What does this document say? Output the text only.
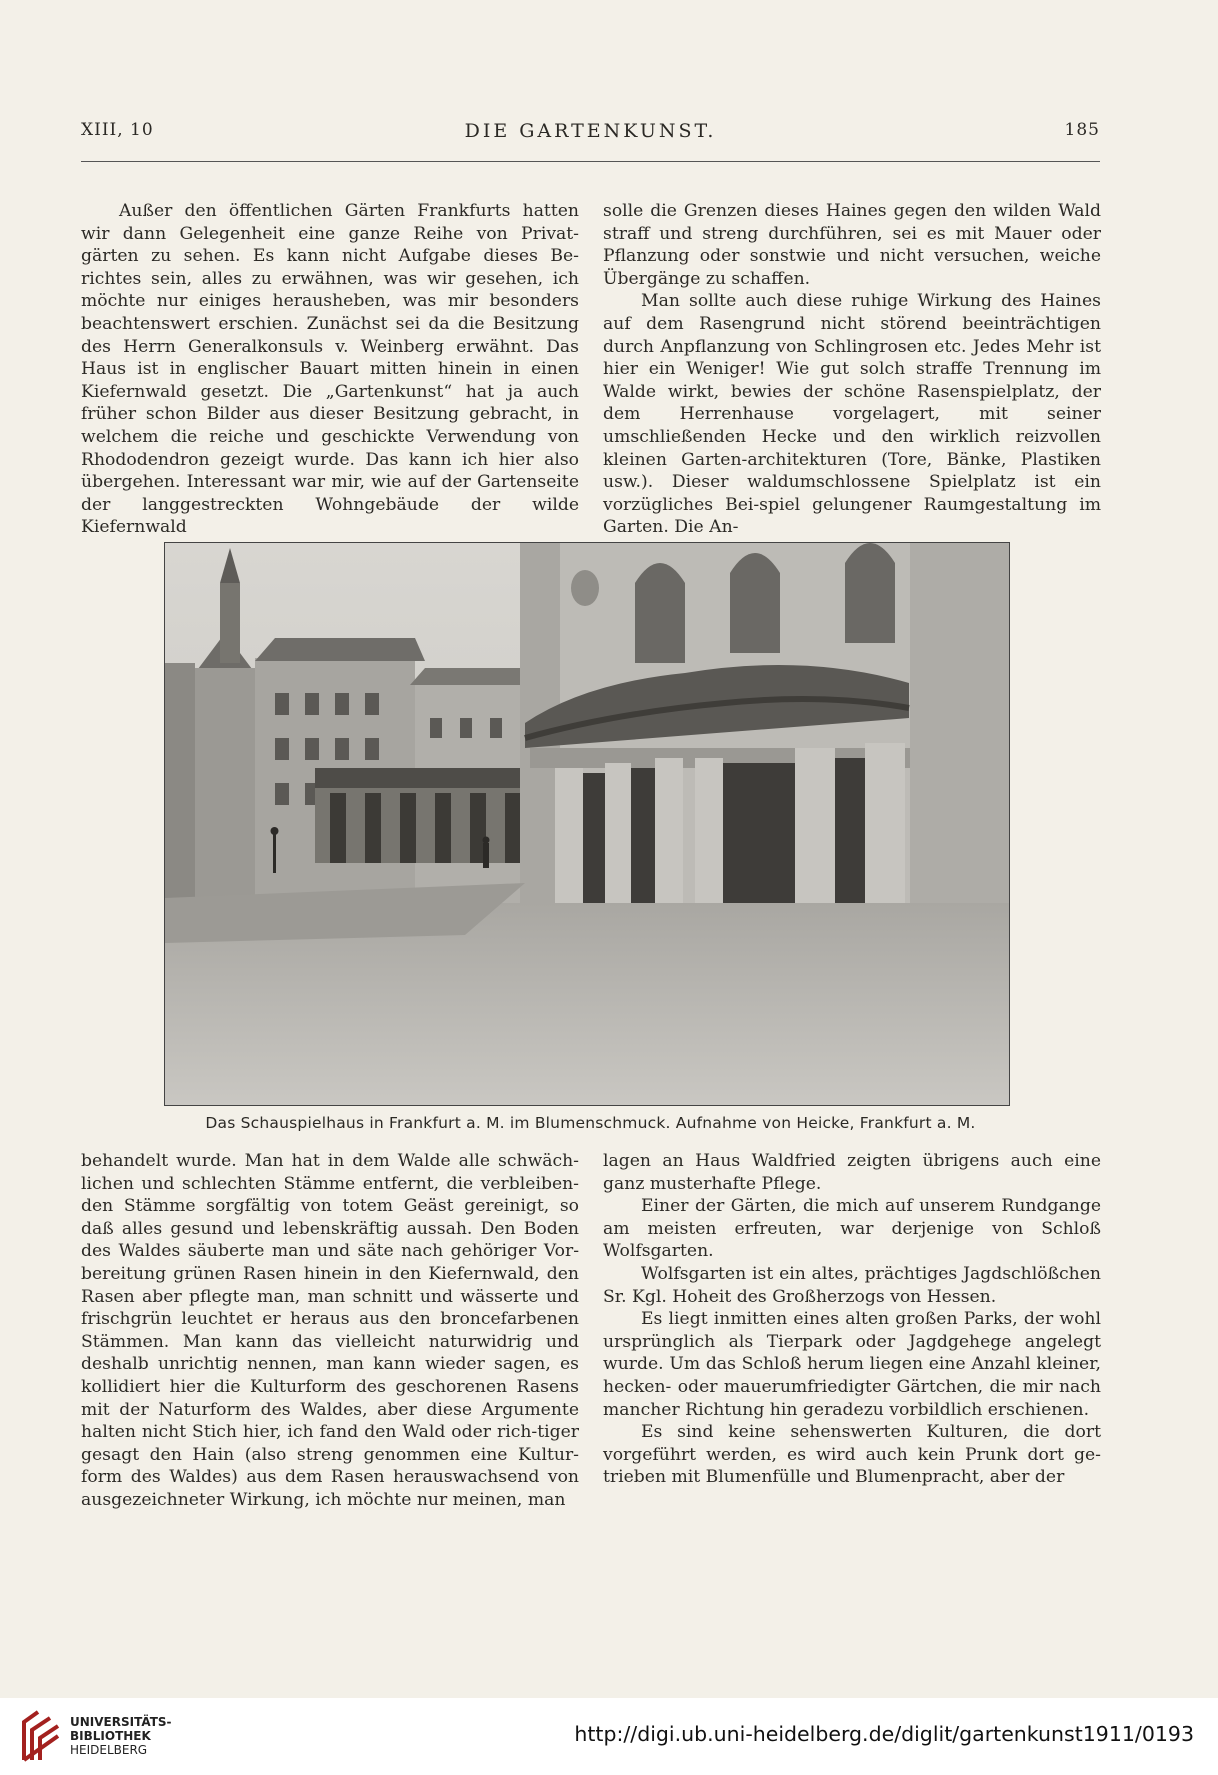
XIII, 10	DIE GARTENKUNST.	185

Außer den öffentlichen Gärten Frankfurts hatten wir dann Gelegenheit eine ganze Reihe von Privat-gärten zu sehen. Es kann nicht Aufgabe dieses Be-richtes sein, alles zu erwähnen, was wir gesehen, ich möchte nur einiges herausheben, was mir besonders beachtenswert erschien. Zunächst sei da die Besitzung des Herrn Generalkonsuls v. Weinberg erwähnt. Das Haus ist in englischer Bauart mitten hinein in einen Kiefernwald gesetzt. Die „Gartenkunst“ hat ja auch früher schon Bilder aus dieser Besitzung gebracht, in welchem die reiche und geschickte Verwendung von Rhododendron gezeigt wurde. Das kann ich hier also übergehen. Interessant war mir, wie auf der Gartenseite der langgestreckten Wohngebäude der wilde Kiefernwald

solle die Grenzen dieses Haines gegen den wilden Wald straff und streng durchführen, sei es mit Mauer oder Pflanzung oder sonstwie und nicht versuchen, weiche Übergänge zu schaffen.

Man sollte auch diese ruhige Wirkung des Haines auf dem Rasengrund nicht störend beeinträchtigen durch Anpflanzung von Schlingrosen etc. Jedes Mehr ist hier ein Weniger! Wie gut solch straffe Trennung im Walde wirkt, bewies der schöne Rasenspielplatz, der dem Herrenhause vorgelagert, mit seiner umschließenden Hecke und den wirklich reizvollen kleinen Garten-architekturen (Tore, Bänke, Plastiken usw.). Dieser waldumschlossene Spielplatz ist ein vorzügliches Bei-spiel gelungener Raumgestaltung im Garten. Die An-

Das Schauspielhaus in Frankfurt a. M. im Blumenschmuck. Aufnahme von Heicke, Frankfurt a. M.

behandelt wurde. Man hat in dem Walde alle schwäch-lichen und schlechten Stämme entfernt, die verbleiben-den Stämme sorgfältig von totem Geäst gereinigt, so daß alles gesund und lebenskräftig aussah. Den Boden des Waldes säuberte man und säte nach gehöriger Vor-bereitung grünen Rasen hinein in den Kiefernwald, den Rasen aber pflegte man, man schnitt und wässerte und frischgrün leuchtet er heraus aus den broncefarbenen Stämmen. Man kann das vielleicht naturwidrig und deshalb unrichtig nennen, man kann wieder sagen, es kollidiert hier die Kulturform des geschorenen Rasens mit der Naturform des Waldes, aber diese Argumente halten nicht Stich hier, ich fand den Wald oder rich-tiger gesagt den Hain (also streng genommen eine Kultur-form des Waldes) aus dem Rasen herauswachsend von ausgezeichneter Wirkung, ich möchte nur meinen, man

lagen an Haus Waldfried zeigten übrigens auch eine ganz musterhafte Pflege.

Einer der Gärten, die mich auf unserem Rundgange am meisten erfreuten, war derjenige von Schloß Wolfsgarten.

Wolfsgarten ist ein altes, prächtiges Jagdschlößchen Sr. Kgl. Hoheit des Großherzogs von Hessen.

Es liegt inmitten eines alten großen Parks, der wohl ursprünglich als Tierpark oder Jagdgehege angelegt wurde. Um das Schloß herum liegen eine Anzahl kleiner, hecken- oder mauerumfriedigter Gärtchen, die mir nach mancher Richtung hin geradezu vorbildlich erschienen.

Es sind keine sehenswerten Kulturen, die dort vorgeführt werden, es wird auch kein Prunk dort ge-trieben mit Blumenfülle und Blumenpracht, aber der

UNIVERSITÄTS-
BIBLIOTHEK
HEIDELBERG
http://digi.ub.uni-heidelberg.de/diglit/gartenkunst1911/0193
